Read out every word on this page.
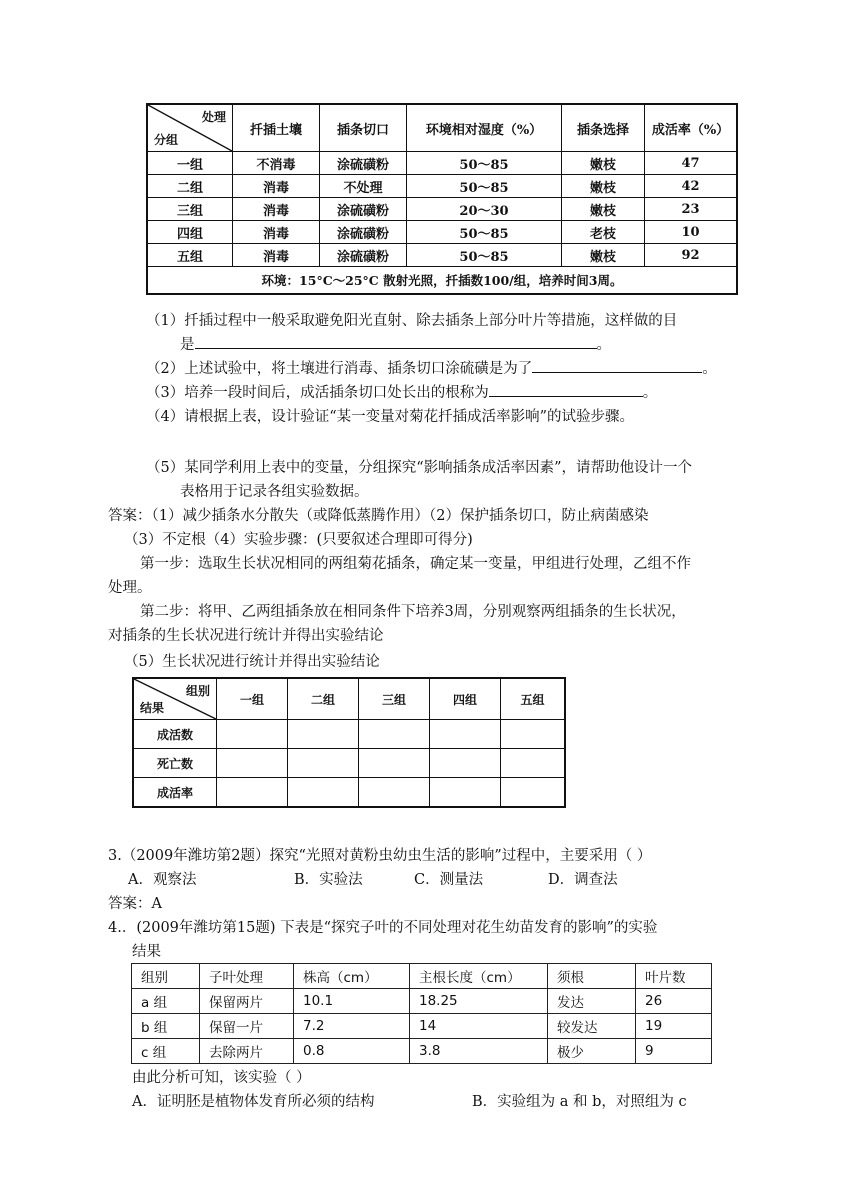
处理
分组	扦插土壤	插条切口	环境相对湿度（%）	插条选择	成活率（%）
一组	不消毒	涂硫磺粉	50～85	嫩枝	47
二组	消毒	不处理	50～85	嫩枝	42
三组	消毒	涂硫磺粉	20～30	嫩枝	23
四组	消毒	涂硫磺粉	50～85	老枝	10
五组	消毒	涂硫磺粉	50～85	嫩枝	92
环境：15°C～25°C 散射光照，扦插数100/组，培养时间3周。					
（1）扦插过程中一般采取避免阳光直射、除去插条上部分叶片等措施，这样做的目
是	。
（2）上述试验中，将土壤进行消毒、插条切口涂硫磺是为了	。
（3）培养一段时间后，成活插条切口处长出的根称为	。
（4）请根据上表，设计验证“某一变量对菊花扦插成活率影响”的试验步骤。
（5）某同学利用上表中的变量，分组探究“影响插条成活率因素”，请帮助他设计一个
表格用于记录各组实验数据。
答案：（1）减少插条水分散失（或降低蒸腾作用）（2）保护插条切口，防止病菌感染
（3）不定根（4）实验步骤：(只要叙述合理即可得分)
第一步：选取生长状况相同的两组菊花插条，确定某一变量，甲组进行处理，乙组不作
处理。
第二步：将甲、乙两组插条放在相同条件下培养3周，分别观察两组插条的生长状况，
对插条的生长状况进行统计并得出实验结论
（5）生长状况进行统计并得出实验结论
组别
结果	一组	二组	三组	四组	五组
成活数					
死亡数					
成活率					
3.（2009年潍坊第2题）探究“光照对黄粉虫幼虫生活的影响”过程中，主要采用（ ）
A．观察法	B．实验法	C．测量法	D．调查法
答案：A
4.．(2009年潍坊第15题) 下表是“探究子叶的不同处理对花生幼苗发育的影响”的实验
结果
组别	子叶处理	株高（cm）	主根长度（cm）	须根	叶片数
a 组	保留两片	10.1	18.25	发达	26
b 组	保留一片	7.2	14	较发达	19
c 组	去除两片	0.8	3.8	极少	9
由此分析可知，该实验（ ）
A．证明胚是植物体发育所必须的结构	B．实验组为 a 和 b，对照组为 c
